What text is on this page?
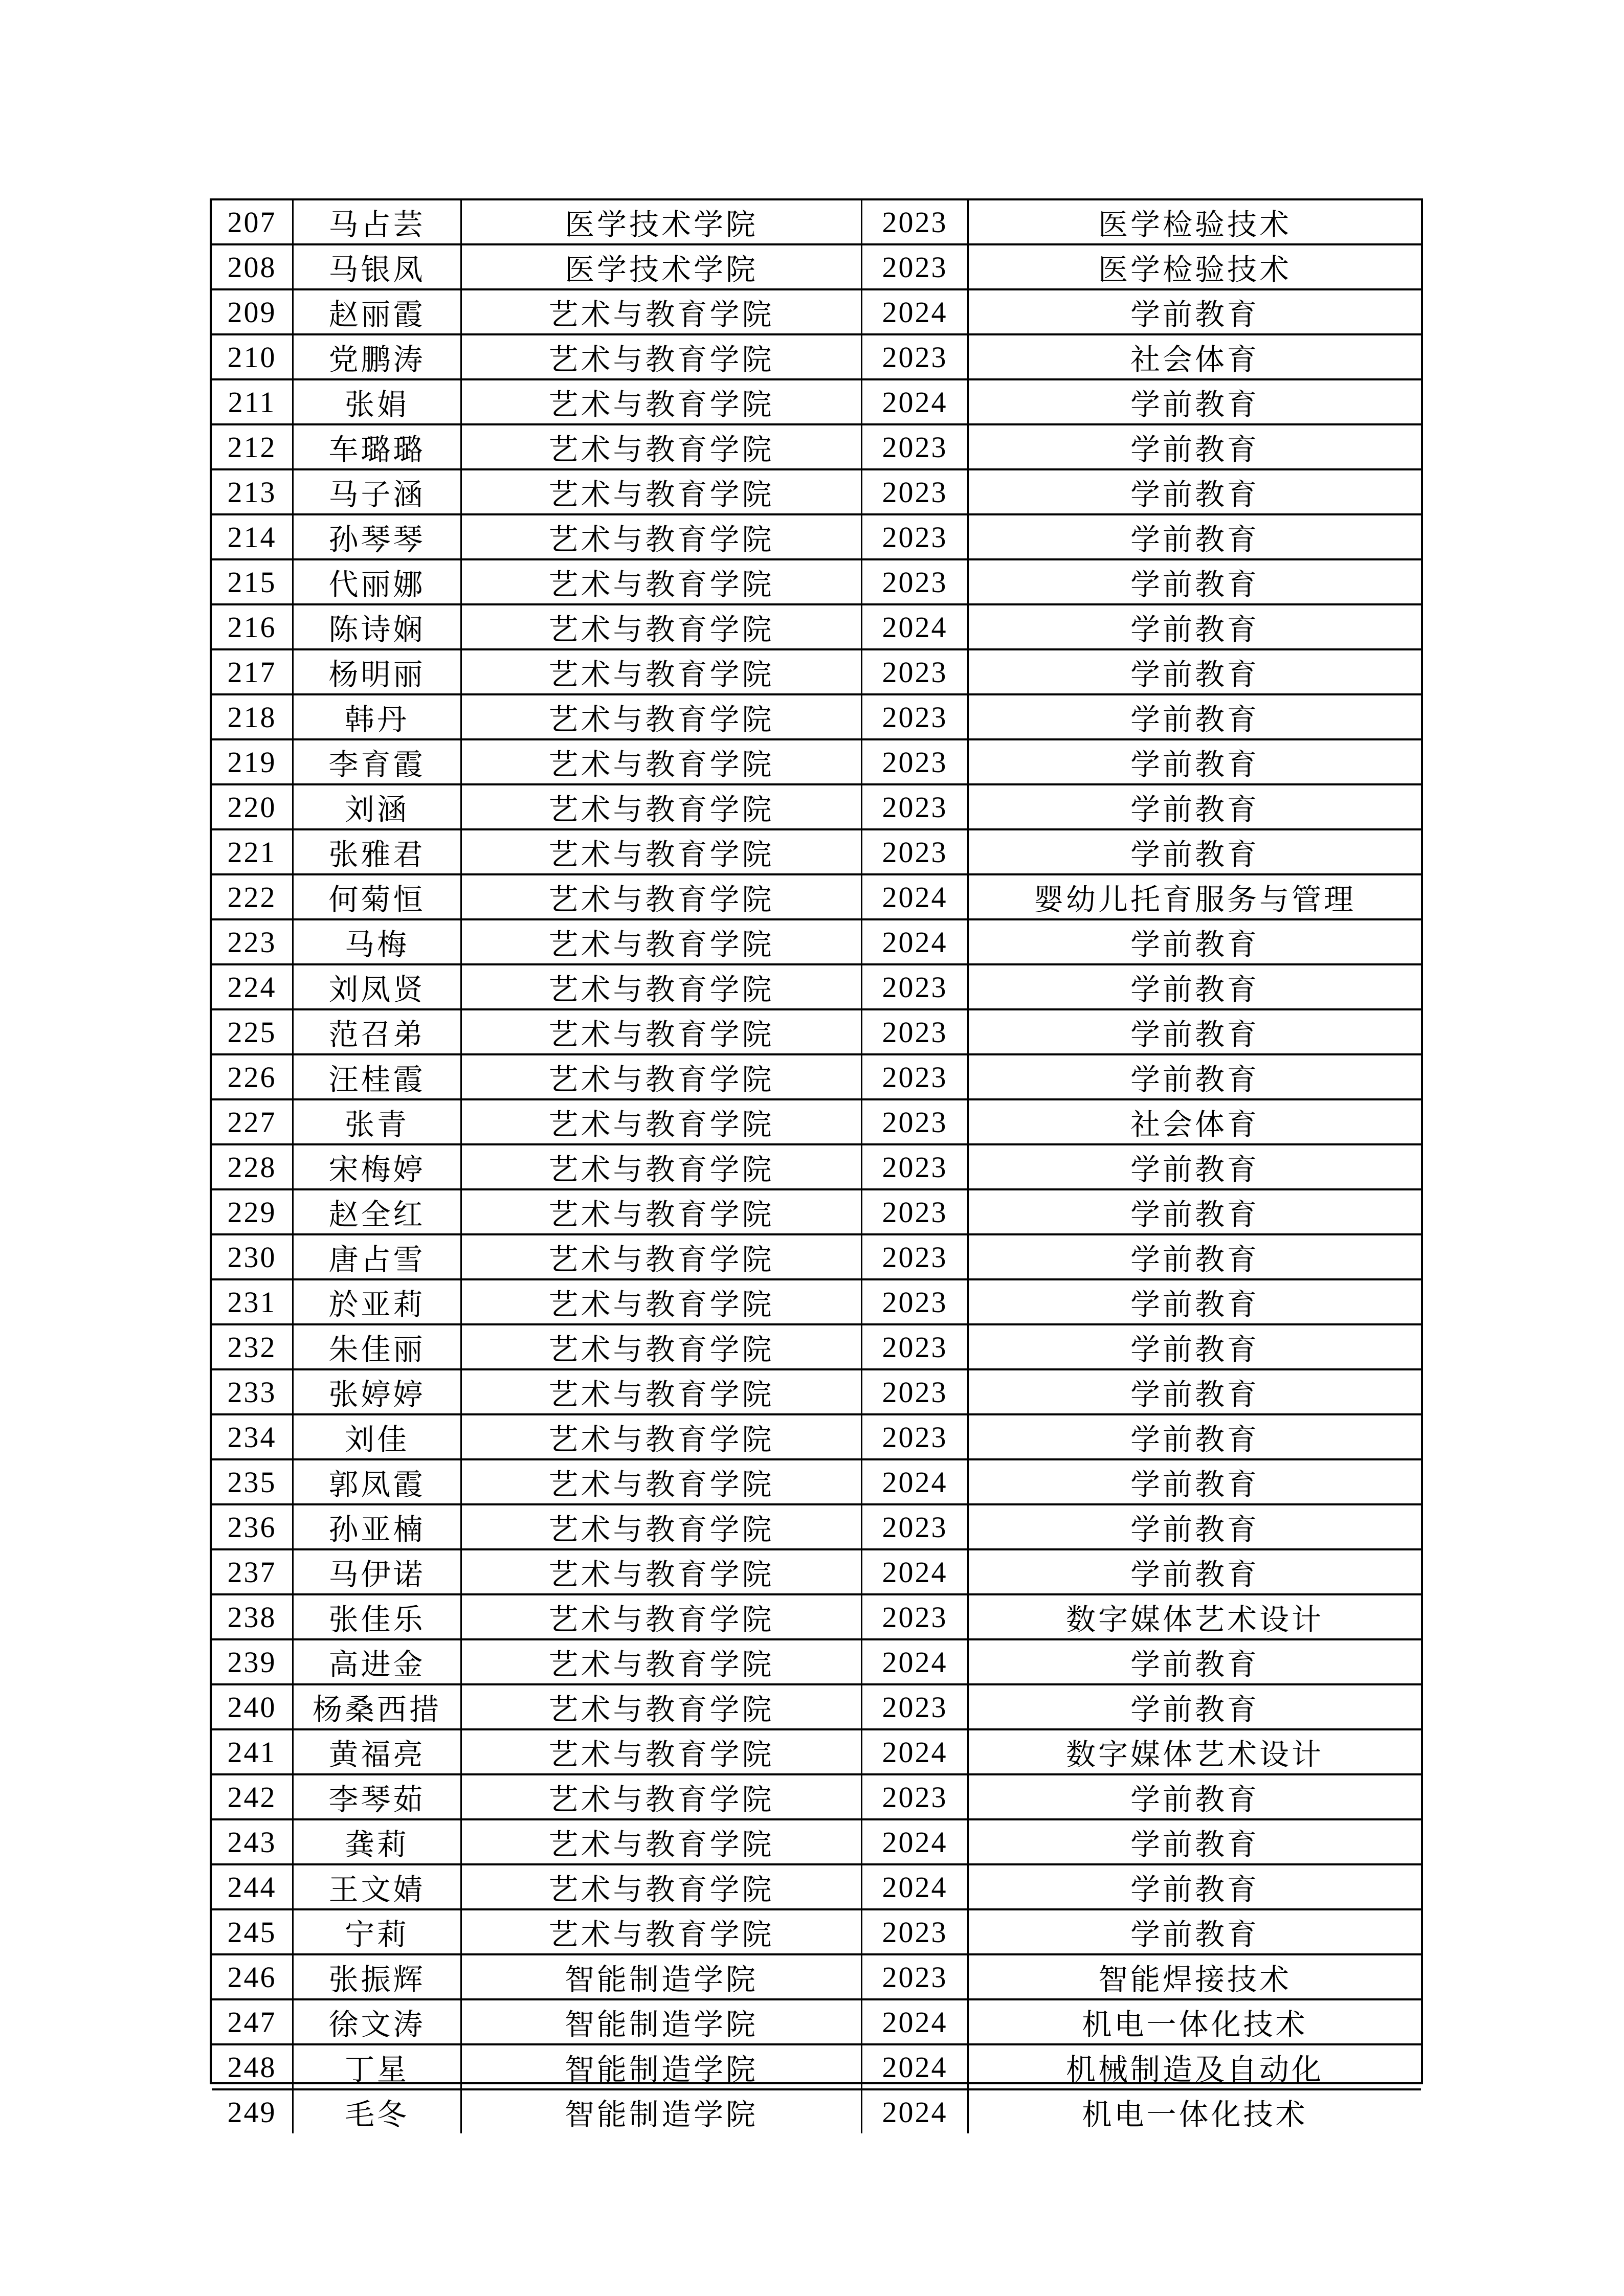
207	马占芸	医学技术学院	2023	医学检验技术
208	马银凤	医学技术学院	2023	医学检验技术
209	赵丽霞	艺术与教育学院	2024	学前教育
210	党鹏涛	艺术与教育学院	2023	社会体育
211	张娟	艺术与教育学院	2024	学前教育
212	车璐璐	艺术与教育学院	2023	学前教育
213	马子涵	艺术与教育学院	2023	学前教育
214	孙琴琴	艺术与教育学院	2023	学前教育
215	代丽娜	艺术与教育学院	2023	学前教育
216	陈诗娴	艺术与教育学院	2024	学前教育
217	杨明丽	艺术与教育学院	2023	学前教育
218	韩丹	艺术与教育学院	2023	学前教育
219	李育霞	艺术与教育学院	2023	学前教育
220	刘涵	艺术与教育学院	2023	学前教育
221	张雅君	艺术与教育学院	2023	学前教育
222	何菊恒	艺术与教育学院	2024	婴幼儿托育服务与管理
223	马梅	艺术与教育学院	2024	学前教育
224	刘凤贤	艺术与教育学院	2023	学前教育
225	范召弟	艺术与教育学院	2023	学前教育
226	汪桂霞	艺术与教育学院	2023	学前教育
227	张青	艺术与教育学院	2023	社会体育
228	宋梅婷	艺术与教育学院	2023	学前教育
229	赵全红	艺术与教育学院	2023	学前教育
230	唐占雪	艺术与教育学院	2023	学前教育
231	於亚莉	艺术与教育学院	2023	学前教育
232	朱佳丽	艺术与教育学院	2023	学前教育
233	张婷婷	艺术与教育学院	2023	学前教育
234	刘佳	艺术与教育学院	2023	学前教育
235	郭凤霞	艺术与教育学院	2024	学前教育
236	孙亚楠	艺术与教育学院	2023	学前教育
237	马伊诺	艺术与教育学院	2024	学前教育
238	张佳乐	艺术与教育学院	2023	数字媒体艺术设计
239	高进金	艺术与教育学院	2024	学前教育
240	杨桑西措	艺术与教育学院	2023	学前教育
241	黄福亮	艺术与教育学院	2024	数字媒体艺术设计
242	李琴茹	艺术与教育学院	2023	学前教育
243	龚莉	艺术与教育学院	2024	学前教育
244	王文婧	艺术与教育学院	2024	学前教育
245	宁莉	艺术与教育学院	2023	学前教育
246	张振辉	智能制造学院	2023	智能焊接技术
247	徐文涛	智能制造学院	2024	机电一体化技术
248	丁星	智能制造学院	2024	机械制造及自动化
249	毛冬	智能制造学院	2024	机电一体化技术
